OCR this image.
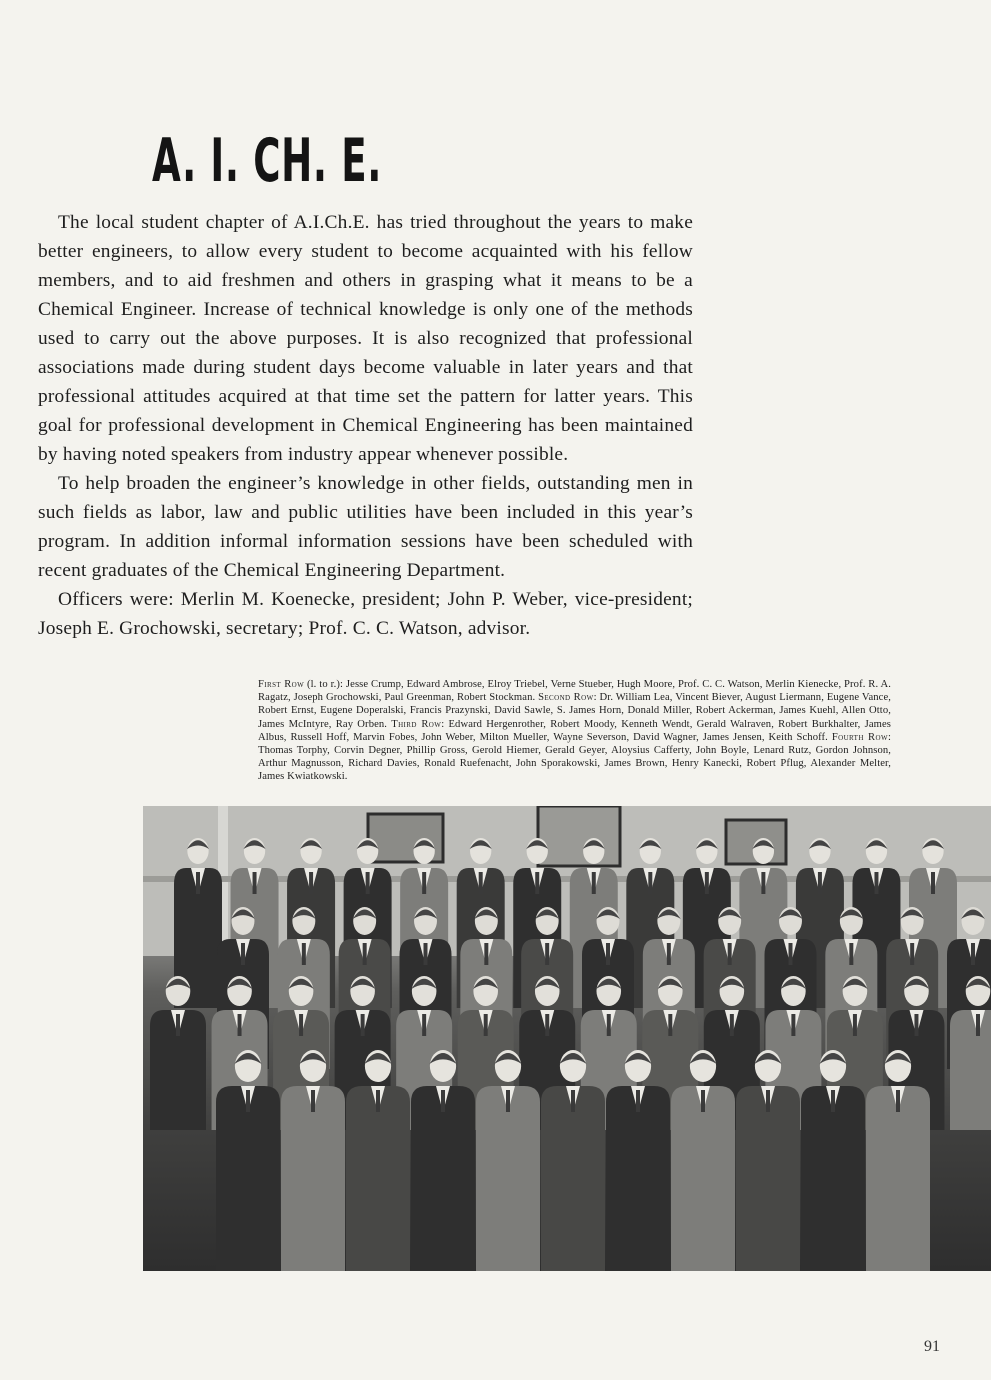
A. I. CH. E.

The local student chapter of A.I.Ch.E. has tried throughout the years to make better engineers, to allow every student to become acquainted with his fellow members, and to aid freshmen and others in grasping what it means to be a Chemical Engineer. Increase of technical knowledge is only one of the methods used to carry out the above purposes. It is also recognized that professional associations made during student days become valuable in later years and that professional attitudes acquired at that time set the pattern for latter years. This goal for professional development in Chemical Engineering has been maintained by having noted speakers from industry appear whenever possible.

To help broaden the engineer’s knowledge in other fields, outstanding men in such fields as labor, law and public utilities have been included in this year’s program. In addition informal information sessions have been scheduled with recent graduates of the Chemical Engineering Department.

Officers were: Merlin M. Koenecke, president; John P. Weber, vice-president; Joseph E. Grochowski, secretary; Prof. C. C. Watson, advisor.

First Row (l. to r.): Jesse Crump, Edward Ambrose, Elroy Triebel, Verne Stueber, Hugh Moore, Prof. C. C. Watson, Merlin Kienecke, Prof. R. A. Ragatz, Joseph Grochowski, Paul Greenman, Robert Stockman. Second Row: Dr. William Lea, Vincent Biever, August Liermann, Eugene Vance, Robert Ernst, Eugene Doperalski, Francis Prazynski, David Sawle, S. James Horn, Donald Miller, Robert Ackerman, James Kuehl, Allen Otto, James McIntyre, Ray Orben. Third Row: Edward Hergenrother, Robert Moody, Kenneth Wendt, Gerald Walraven, Robert Burkhalter, James Albus, Russell Hoff, Marvin Fobes, John Weber, Milton Mueller, Wayne Severson, David Wagner, James Jensen, Keith Schoff. Fourth Row: Thomas Torphy, Corvin Degner, Phillip Gross, Gerold Hiemer, Gerald Geyer, Aloysius Cafferty, John Boyle, Lenard Rutz, Gordon Johnson, Arthur Magnusson, Richard Davies, Ronald Ruefenacht, John Sporakowski, James Brown, Henry Kanecki, Robert Pflug, Alexander Melter, James Kwiatkowski.
91
